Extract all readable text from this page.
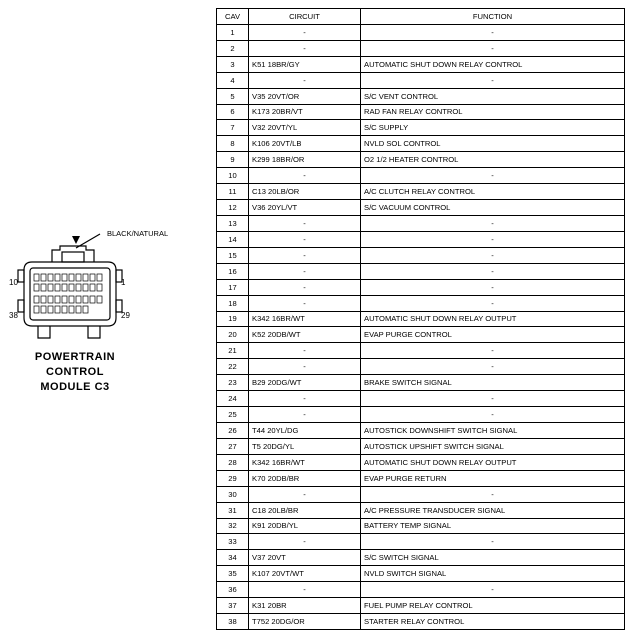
BLACK/NATURAL
10	1
38	29
POWERTRAIN
CONTROL
MODULE C3
CAV	CIRCUIT	FUNCTION
1	-	-
2	-	-
3	K51 18BR/GY	AUTOMATIC SHUT DOWN RELAY CONTROL
4	-	-
5	V35 20VT/OR	S/C VENT CONTROL
6	K173 20BR/VT	RAD FAN RELAY CONTROL
7	V32 20VT/YL	S/C SUPPLY
8	K106 20VT/LB	NVLD SOL CONTROL
9	K299 18BR/OR	O2 1/2 HEATER CONTROL
10	-	-
11	C13 20LB/OR	A/C CLUTCH RELAY CONTROL
12	V36 20YL/VT	S/C VACUUM CONTROL
13	-	-
14	-	-
15	-	-
16	-	-
17	-	-
18	-	-
19	K342 16BR/WT	AUTOMATIC SHUT DOWN RELAY OUTPUT
20	K52 20DB/WT	EVAP PURGE CONTROL
21	-	-
22	-	-
23	B29 20DG/WT	BRAKE SWITCH SIGNAL
24	-	-
25	-	-
26	T44 20YL/DG	AUTOSTICK DOWNSHIFT SWITCH SIGNAL
27	T5 20DG/YL	AUTOSTICK UPSHIFT SWITCH SIGNAL
28	K342 16BR/WT	AUTOMATIC SHUT DOWN RELAY OUTPUT
29	K70 20DB/BR	EVAP PURGE RETURN
30	-	-
31	C18 20LB/BR	A/C PRESSURE TRANSDUCER SIGNAL
32	K91 20DB/YL	BATTERY TEMP SIGNAL
33	-	-
34	V37 20VT	S/C SWITCH SIGNAL
35	K107 20VT/WT	NVLD SWITCH SIGNAL
36	-	-
37	K31 20BR	FUEL PUMP RELAY CONTROL
38	T752 20DG/OR	STARTER RELAY CONTROL
